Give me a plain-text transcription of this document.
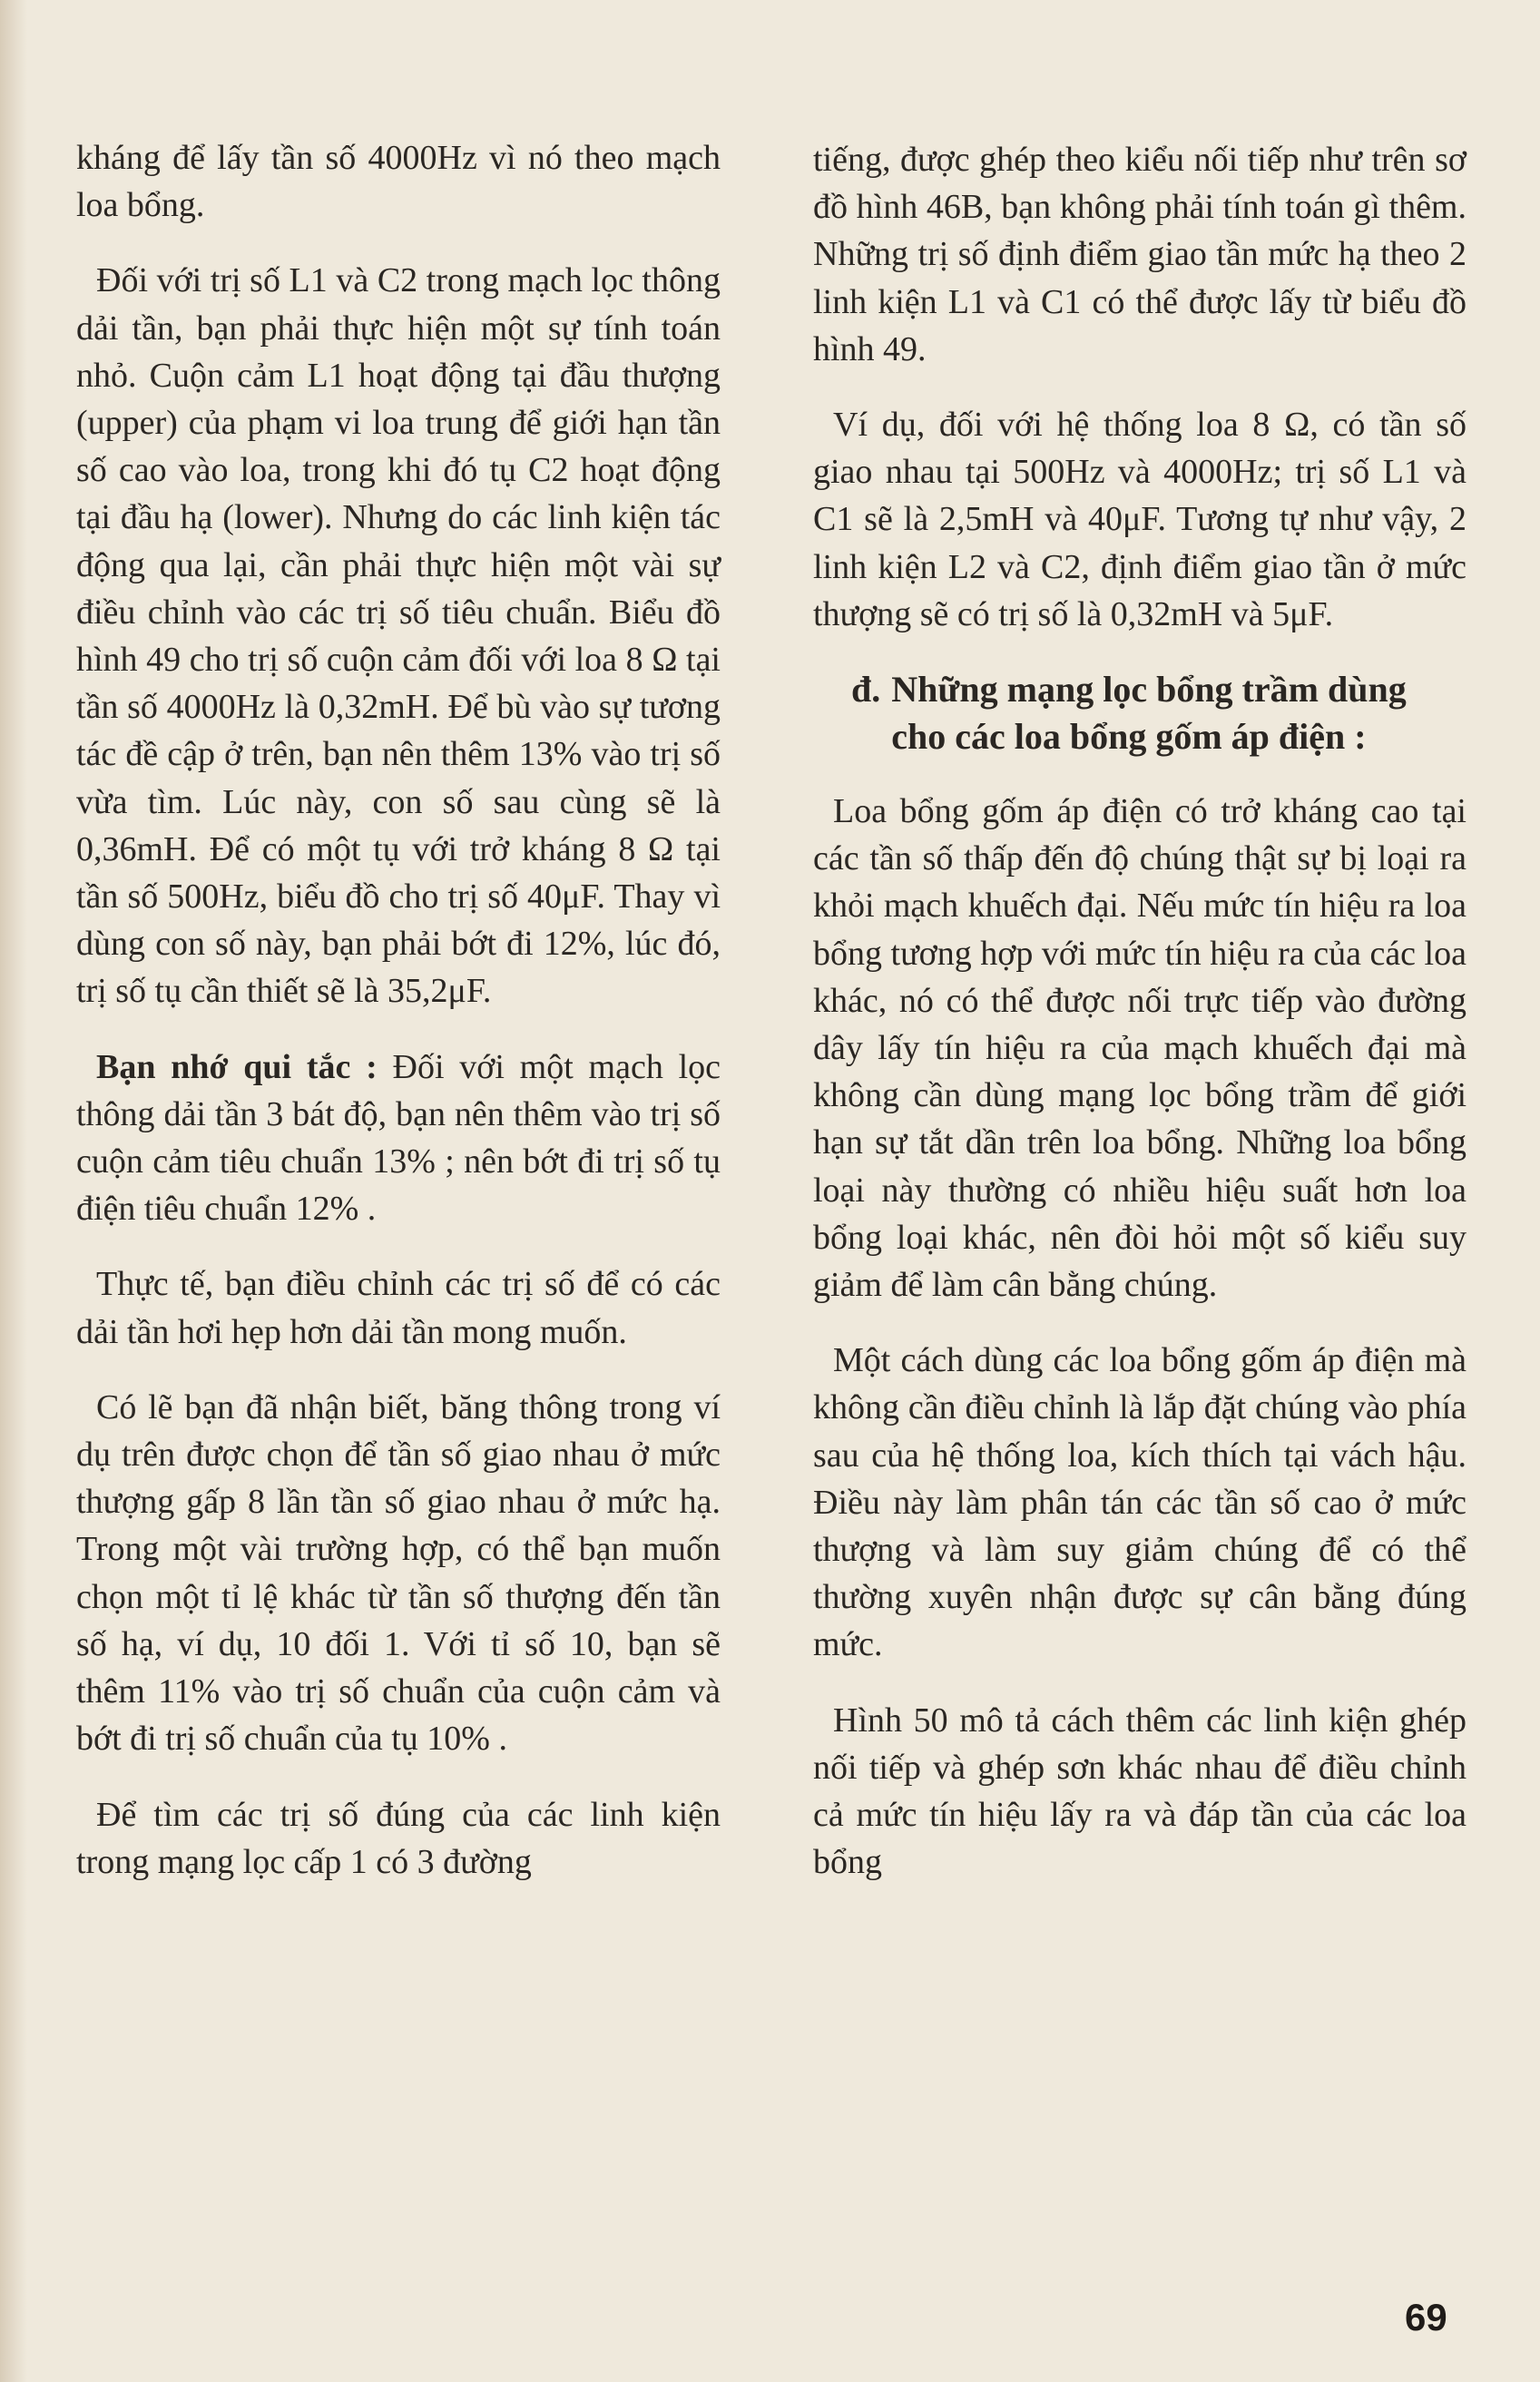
kháng để lấy tần số 4000Hz vì nó theo mạch loa bổng.

Đối với trị số L1 và C2 trong mạch lọc thông dải tần, bạn phải thực hiện một sự tính toán nhỏ. Cuộn cảm L1 hoạt động tại đầu thượng (upper) của phạm vi loa trung để giới hạn tần số cao vào loa, trong khi đó tụ C2 hoạt động tại đầu hạ (lower). Nhưng do các linh kiện tác động qua lại, cần phải thực hiện một vài sự điều chỉnh vào các trị số tiêu chuẩn. Biểu đồ hình 49 cho trị số cuộn cảm đối với loa 8 Ω tại tần số 4000Hz là 0,32mH. Để bù vào sự tương tác đề cập ở trên, bạn nên thêm 13% vào trị số vừa tìm. Lúc này, con số sau cùng sẽ là 0,36mH. Để có một tụ với trở kháng 8 Ω tại tần số 500Hz, biểu đồ cho trị số 40μF. Thay vì dùng con số này, bạn phải bớt đi 12%, lúc đó, trị số tụ cần thiết sẽ là 35,2μF.

Bạn nhớ qui tắc : Đối với một mạch lọc thông dải tần 3 bát độ, bạn nên thêm vào trị số cuộn cảm tiêu chuẩn 13% ; nên bớt đi trị số tụ điện tiêu chuẩn 12% .

Thực tế, bạn điều chỉnh các trị số để có các dải tần hơi hẹp hơn dải tần mong muốn.

Có lẽ bạn đã nhận biết, băng thông trong ví dụ trên được chọn để tần số giao nhau ở mức thượng gấp 8 lần tần số giao nhau ở mức hạ. Trong một vài trường hợp, có thể bạn muốn chọn một tỉ lệ khác từ tần số thượng đến tần số hạ, ví dụ, 10 đối 1. Với tỉ số 10, bạn sẽ thêm 11% vào trị số chuẩn của cuộn cảm và bớt đi trị số chuẩn của tụ 10% .

Để tìm các trị số đúng của các linh kiện trong mạng lọc cấp 1 có 3 đường

tiếng, được ghép theo kiểu nối tiếp như trên sơ đồ hình 46B, bạn không phải tính toán gì thêm. Những trị số định điểm giao tần mức hạ theo 2 linh kiện L1 và C1 có thể được lấy từ biểu đồ hình 49.

Ví dụ, đối với hệ thống loa 8 Ω, có tần số giao nhau tại 500Hz và 4000Hz; trị số L1 và C1 sẽ là 2,5mH và 40μF. Tương tự như vậy, 2 linh kiện L2 và C2, định điểm giao tần ở mức thượng sẽ có trị số là 0,32mH và 5μF.

đ. Những mạng lọc bổng trầm dùng cho các loa bổng gốm áp điện :

Loa bổng gốm áp điện có trở kháng cao tại các tần số thấp đến độ chúng thật sự bị loại ra khỏi mạch khuếch đại. Nếu mức tín hiệu ra loa bổng tương hợp với mức tín hiệu ra của các loa khác, nó có thể được nối trực tiếp vào đường dây lấy tín hiệu ra của mạch khuếch đại mà không cần dùng mạng lọc bổng trầm để giới hạn sự tắt dần trên loa bổng. Những loa bổng loại này thường có nhiều hiệu suất hơn loa bổng loại khác, nên đòi hỏi một số kiểu suy giảm để làm cân bằng chúng.

Một cách dùng các loa bổng gốm áp điện mà không cần điều chỉnh là lắp đặt chúng vào phía sau của hệ thống loa, kích thích tại vách hậu. Điều này làm phân tán các tần số cao ở mức thượng và làm suy giảm chúng để có thể thường xuyên nhận được sự cân bằng đúng mức.

Hình 50 mô tả cách thêm các linh kiện ghép nối tiếp và ghép sơn khác nhau để điều chỉnh cả mức tín hiệu lấy ra và đáp tần của các loa bổng

69
